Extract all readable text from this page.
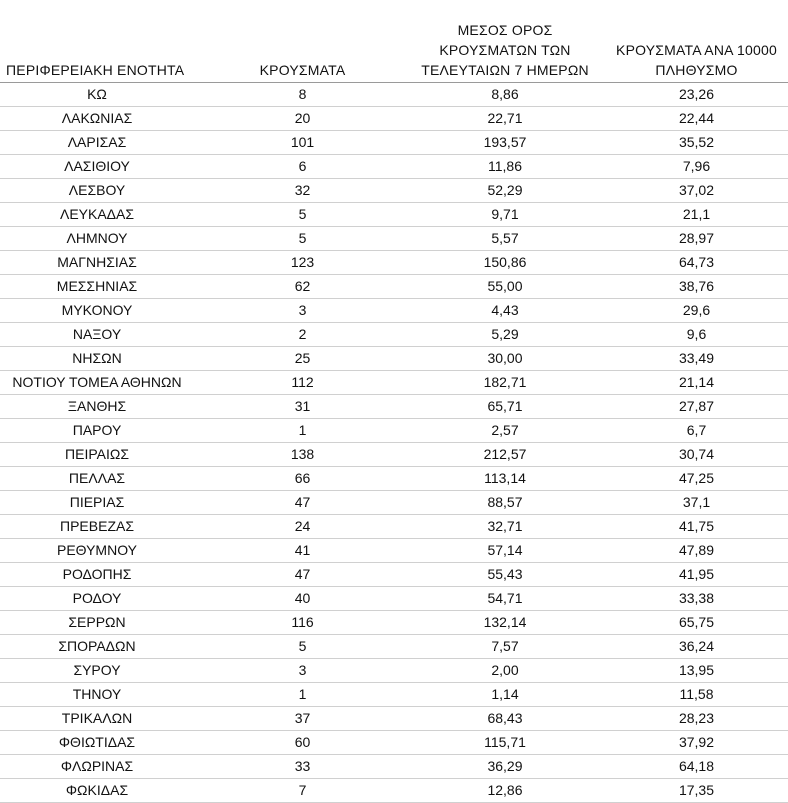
ΠΕΡΙΦΕΡΕΙΑΚΗ ΕΝΟΤΗΤΑ	ΚΡΟΥΣΜΑΤΑ	ΜΕΣΟΣ ΟΡΟΣ
ΚΡΟΥΣΜΑΤΩΝ ΤΩΝ
ΤΕΛΕΥΤΑΙΩΝ 7 ΗΜΕΡΩΝ	ΚΡΟΥΣΜΑΤΑ ΑΝΑ 10000
ΠΛΗΘΥΣΜΟ

ΚΩ	8	8,86	23,26
ΛΑΚΩΝΙΑΣ	20	22,71	22,44
ΛΑΡΙΣΑΣ	101	193,57	35,52
ΛΑΣΙΘΙΟΥ	6	11,86	7,96
ΛΕΣΒΟΥ	32	52,29	37,02
ΛΕΥΚΑΔΑΣ	5	9,71	21,1
ΛΗΜΝΟΥ	5	5,57	28,97
ΜΑΓΝΗΣΙΑΣ	123	150,86	64,73
ΜΕΣΣΗΝΙΑΣ	62	55,00	38,76
ΜΥΚΟΝΟΥ	3	4,43	29,6
ΝΑΞΟΥ	2	5,29	9,6
ΝΗΣΩΝ	25	30,00	33,49
ΝΟΤΙΟΥ ΤΟΜΕΑ ΑΘΗΝΩΝ	112	182,71	21,14
ΞΑΝΘΗΣ	31	65,71	27,87
ΠΑΡΟΥ	1	2,57	6,7
ΠΕΙΡΑΙΩΣ	138	212,57	30,74
ΠΕΛΛΑΣ	66	113,14	47,25
ΠΙΕΡΙΑΣ	47	88,57	37,1
ΠΡΕΒΕΖΑΣ	24	32,71	41,75
ΡΕΘΥΜΝΟΥ	41	57,14	47,89
ΡΟΔΟΠΗΣ	47	55,43	41,95
ΡΟΔΟΥ	40	54,71	33,38
ΣΕΡΡΩΝ	116	132,14	65,75
ΣΠΟΡΑΔΩΝ	5	7,57	36,24
ΣΥΡΟΥ	3	2,00	13,95
ΤΗΝΟΥ	1	1,14	11,58
ΤΡΙΚΑΛΩΝ	37	68,43	28,23
ΦΘΙΩΤΙΔΑΣ	60	115,71	37,92
ΦΛΩΡΙΝΑΣ	33	36,29	64,18
ΦΩΚΙΔΑΣ	7	12,86	17,35
